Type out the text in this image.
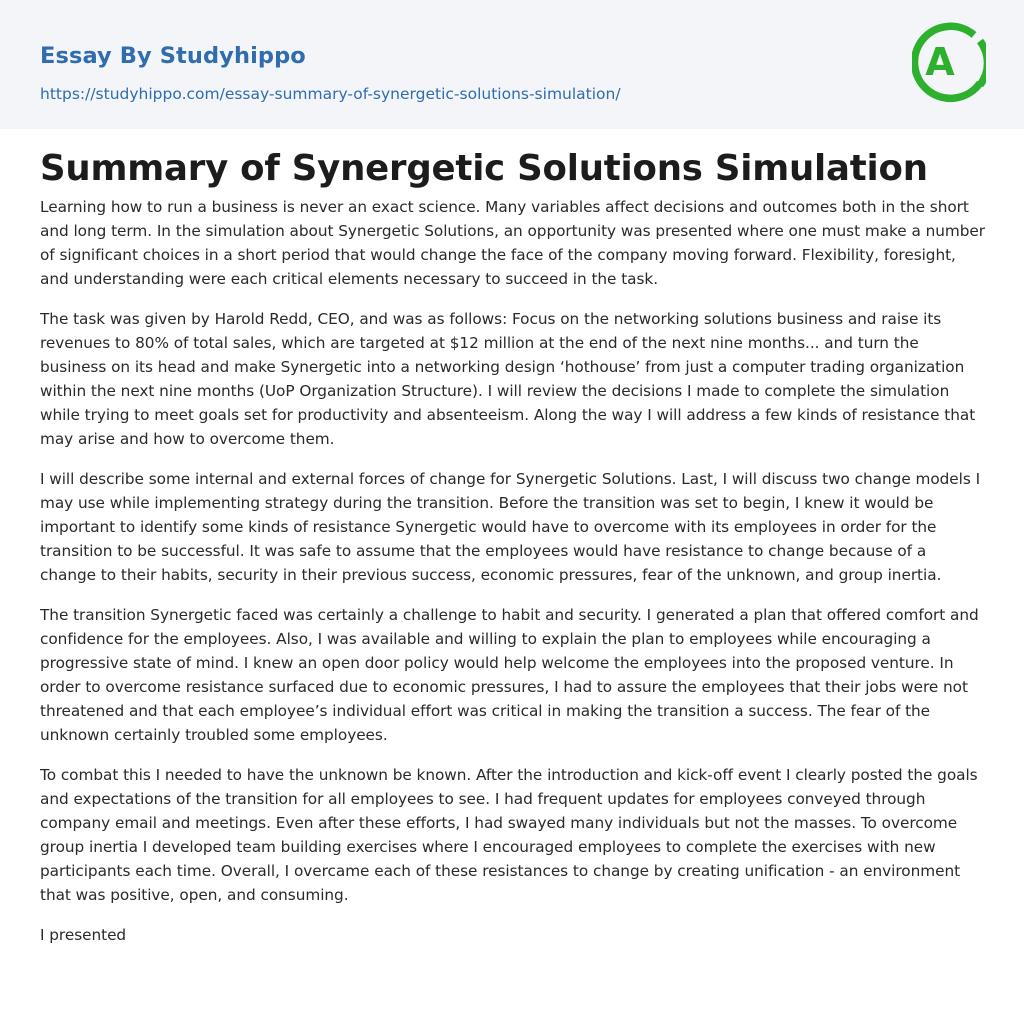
Essay By Studyhippo
https://studyhippo.com/essay-summary-of-synergetic-solutions-simulation/
A
Summary of Synergetic Solutions Simulation

Learning how to run a business is never an exact science. Many variables affect decisions and outcomes both in the short and long term. In the simulation about Synergetic Solutions, an opportunity was presented where one must make a number of significant choices in a short period that would change the face of the company moving forward. Flexibility, foresight, and understanding were each critical elements necessary to succeed in the task.

The task was given by Harold Redd, CEO, and was as follows: Focus on the networking solutions business and raise its revenues to 80% of total sales, which are targeted at $12 million at the end of the next nine months... and turn the business on its head and make Synergetic into a networking design ‘hothouse’ from just a computer trading organization within the next nine months (UoP Organization Structure). I will review the decisions I made to complete the simulation while trying to meet goals set for productivity and absenteeism. Along the way I will address a few kinds of resistance that may arise and how to overcome them.

I will describe some internal and external forces of change for Synergetic Solutions. Last, I will discuss two change models I may use while implementing strategy during the transition. Before the transition was set to begin, I knew it would be important to identify some kinds of resistance Synergetic would have to overcome with its employees in order for the transition to be successful. It was safe to assume that the employees would have resistance to change because of a change to their habits, security in their previous success, economic pressures, fear of the unknown, and group inertia.

The transition Synergetic faced was certainly a challenge to habit and security. I generated a plan that offered comfort and confidence for the employees. Also, I was available and willing to explain the plan to employees while encouraging a progressive state of mind. I knew an open door policy would help welcome the employees into the proposed venture. In order to overcome resistance surfaced due to economic pressures, I had to assure the employees that their jobs were not threatened and that each employee’s individual effort was critical in making the transition a success. The fear of the unknown certainly troubled some employees.

To combat this I needed to have the unknown be known. After the introduction and kick-off event I clearly posted the goals and expectations of the transition for all employees to see. I had frequent updates for employees conveyed through company email and meetings. Even after these efforts, I had swayed many individuals but not the masses. To overcome group inertia I developed team building exercises where I encouraged employees to complete the exercises with new participants each time. Overall, I overcame each of these resistances to change by creating unification - an environment that was positive, open, and consuming.

I presented
